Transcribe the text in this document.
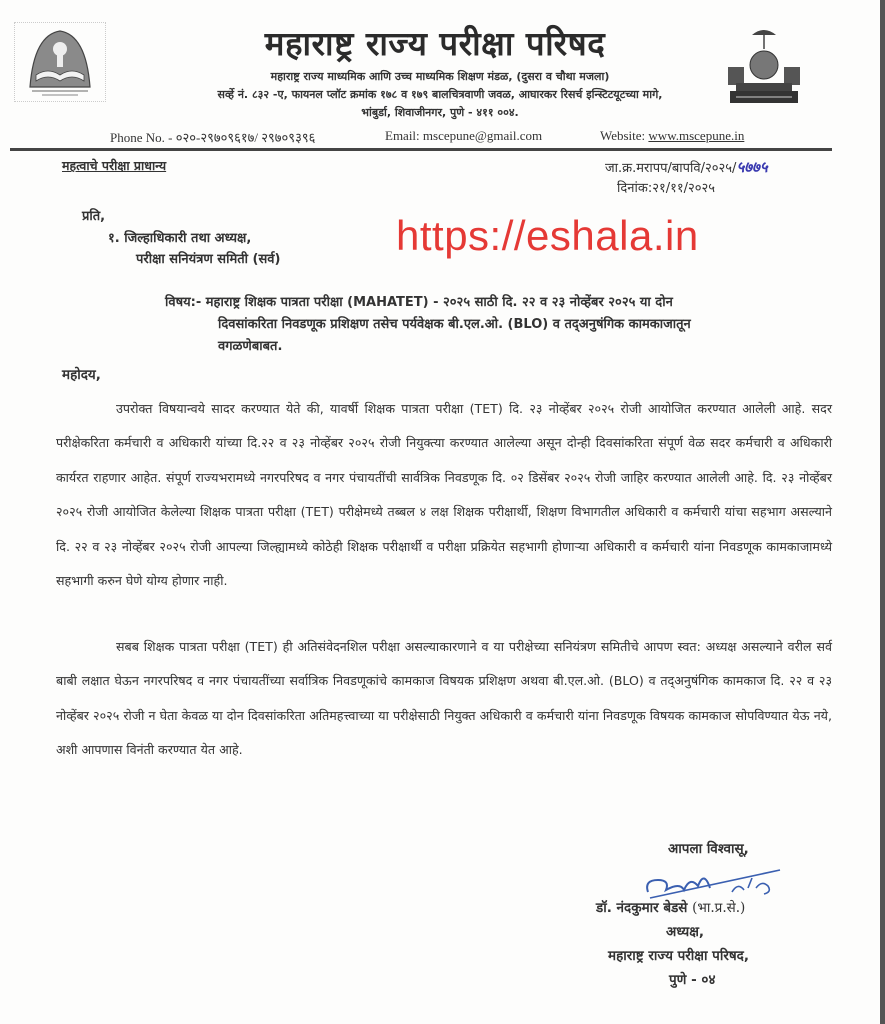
महाराष्ट्र राज्य परीक्षा परिषद
महाराष्ट्र राज्य माध्यमिक आणि उच्च माध्यमिक शिक्षण मंडळ, (दुसरा व चौथा मजला)
सर्व्हे नं. ८३२ -ए, फायनल प्लॉट क्रमांक १७८ व १७९ बालचित्रवाणी जवळ, आघारकर रिसर्च इन्स्टिटयूटच्या मागे,
भांबुर्डा, शिवाजीनगर, पुणे - ४११ ००४.
Phone No. - ०२०-२९७०९६१७/ २९७०९३९६	Email: mscepune@gmail.com	Website: www.mscepune.in
महत्वाचे परीक्षा प्राधान्य	जा.क्र.मरापप/बापवि/२०२५/५७७५
दिनांक:२१/११/२०२५
प्रति,
१. जिल्हाधिकारी तथा अध्यक्ष,
परीक्षा सनियंत्रण समिती (सर्व)
https://eshala.in
विषय:- महाराष्ट्र शिक्षक पात्रता परीक्षा (MAHATET) - २०२५ साठी दि. २२ व २३ नोव्हेंबर २०२५ या दोन
दिवसांकरिता निवडणूक प्रशिक्षण तसेच पर्यवेक्षक बी.एल.ओ. (BLO) व तद्अनुषंगिक कामकाजातून
वगळणेबाबत.
महोदय,
उपरोक्त विषयान्वये सादर करण्यात येते की, यावर्षी शिक्षक पात्रता परीक्षा (TET) दि. २३ नोव्हेंबर २०२५ रोजी आयोजित करण्यात आलेली आहे. सदर परीक्षेकरिता कर्मचारी व अधिकारी यांच्या दि.२२ व २३ नोव्हेंबर २०२५ रोजी नियुक्त्या करण्यात आलेल्या असून दोन्ही दिवसांकरिता संपूर्ण वेळ सदर कर्मचारी व अधिकारी कार्यरत राहणार आहेत. संपूर्ण राज्यभरामध्ये नगरपरिषद व नगर पंचायतींची सार्वत्रिक निवडणूक दि. ०२ डिसेंबर २०२५ रोजी जाहिर करण्यात आलेली आहे. दि. २३ नोव्हेंबर २०२५ रोजी आयोजित केलेल्या शिक्षक पात्रता परीक्षा (TET) परीक्षेमध्ये तब्बल ४ लक्ष शिक्षक परीक्षार्थी, शिक्षण विभागतील अधिकारी व कर्मचारी यांचा सहभाग असल्याने दि. २२ व २३ नोव्हेंबर २०२५ रोजी आपल्या जिल्ह्यामध्ये कोठेही शिक्षक परीक्षार्थी व परीक्षा प्रक्रियेत सहभागी होणाऱ्या अधिकारी व कर्मचारी यांना निवडणूक कामकाजामध्ये सहभागी करुन घेणे योग्य होणार नाही.
सबब शिक्षक पात्रता परीक्षा (TET) ही अतिसंवेदनशिल परीक्षा असल्याकारणाने व या परीक्षेच्या सनियंत्रण समितीचे आपण स्वत: अध्यक्ष असल्याने वरील सर्व बाबी लक्षात घेऊन नगरपरिषद व नगर पंचायतींच्या सर्वात्रिक निवडणूकांचे कामकाज विषयक प्रशिक्षण अथवा बी.एल.ओ. (BLO) व तद्अनुषंगिक कामकाज दि. २२ व २३ नोव्हेंबर २०२५ रोजी न घेता केवळ या दोन दिवसांकरिता अतिमहत्त्वाच्या या परीक्षेसाठी नियुक्त अधिकारी व कर्मचारी यांना निवडणूक विषयक कामकाज सोपविण्यात येऊ नये, अशी आपणास विनंती करण्यात येत आहे.
आपला विश्वासू,
डॉ. नंदकुमार बेडसे (भा.प्र.से.)
अध्यक्ष,
महाराष्ट्र राज्य परीक्षा परिषद,
पुणे - ०४
